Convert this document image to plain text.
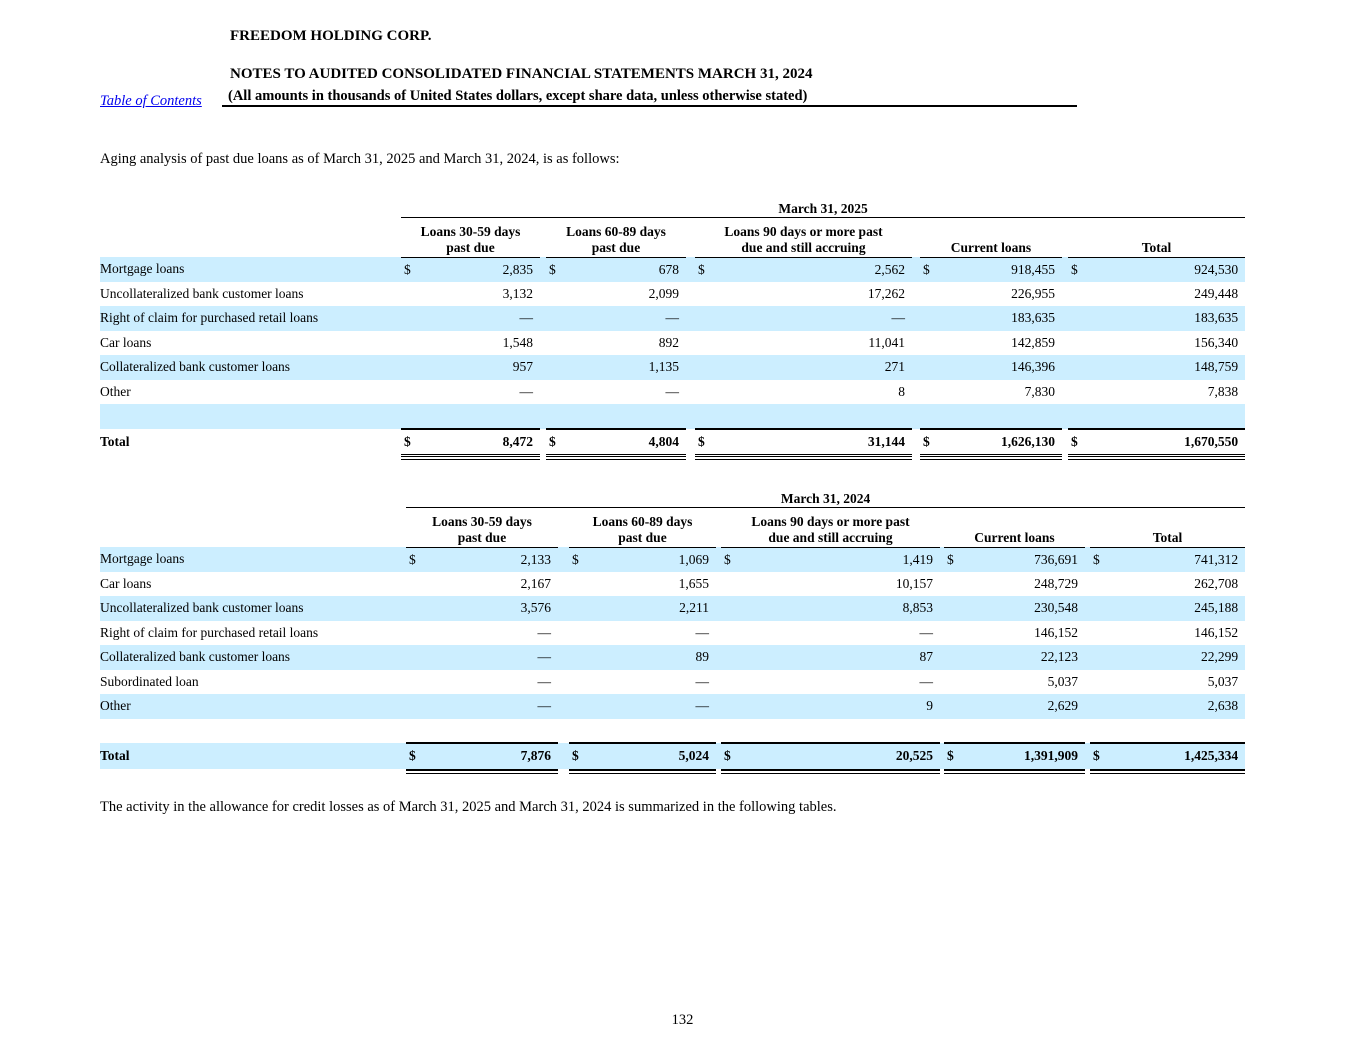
FREEDOM HOLDING CORP.
NOTES TO AUDITED CONSOLIDATED FINANCIAL STATEMENTS MARCH 31, 2024
(All amounts in thousands of United States dollars, except share data, unless otherwise stated)
Table of Contents
Aging analysis of past due loans as of March 31, 2025 and March 31, 2024, is as follows:
	March 31, 2025								
	Loans 30-59 days
past due		Loans 60-89 days
past due		Loans 90 days or more past
due and still accruing		Current loans		Total
Mortgage loans	$ 2,835		$ 678		$ 2,562		$ 918,455		$ 924,530

Uncollateralized bank customer loans	3,132		2,099		17,262		226,955		249,448

Right of claim for purchased retail loans	—		—		—		183,635		183,635

Car loans	1,548		892		11,041		142,859		156,340

Collateralized bank customer loans	957		1,135		271		146,396		148,759

Other	—		—		8		7,830		7,838

Total	$ 8,472		$ 4,804		$ 31,144		$ 1,626,130		$ 1,670,550

	March 31, 2024								
	Loans 30-59 days
past due		Loans 60-89 days
past due		Loans 90 days or more past
due and still accruing		Current loans		Total
Mortgage loans	$ 2,133		$ 1,069		$ 1,419		$ 736,691		$ 741,312

Car loans	2,167		1,655		10,157		248,729		262,708

Uncollateralized bank customer loans	3,576		2,211		8,853		230,548		245,188

Right of claim for purchased retail loans	—		—		—		146,152		146,152

Collateralized bank customer loans	—		89		87		22,123		22,299

Subordinated loan	—		—		—		5,037		5,037

Other	—		—		9		2,629		2,638

Total	$ 7,876		$ 5,024		$ 20,525		$ 1,391,909		$ 1,425,334

The activity in the allowance for credit losses as of March 31, 2025 and March 31, 2024 is summarized in the following tables.
132
